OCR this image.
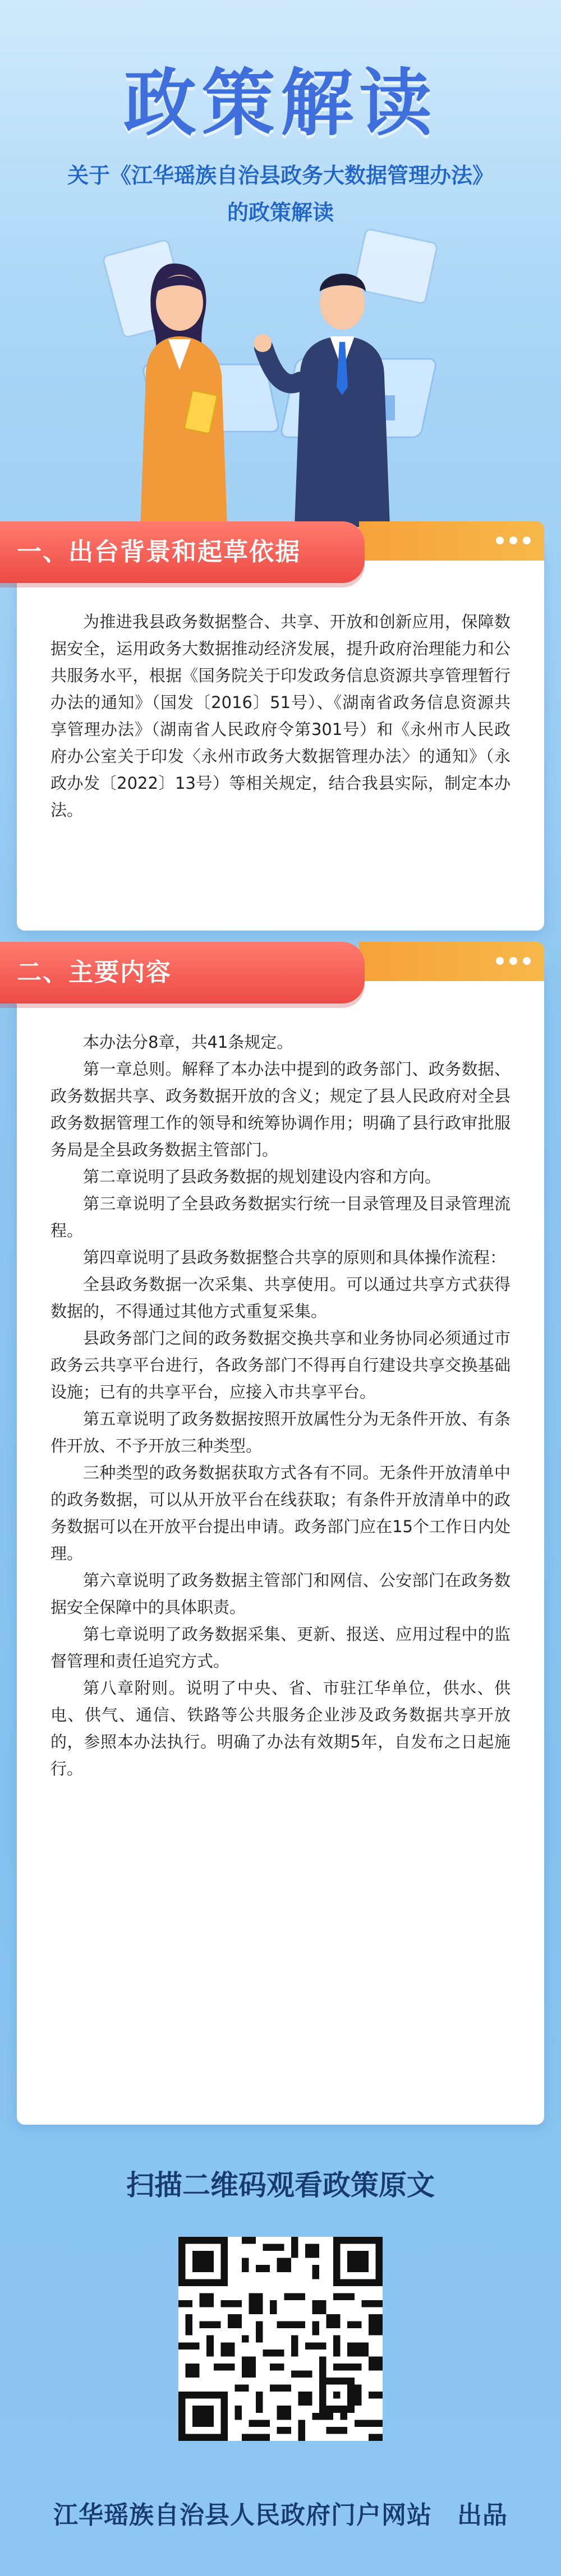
政策解读
关于《江华瑶族自治县政务大数据管理办法》
的政策解读
一、出台背景和起草依据

为推进我县政务数据整合、共享、开放和创新应用，保障数据安全，运用政务大数据推动经济发展，提升政府治理能力和公共服务水平，根据《国务院关于印发政务信息资源共享管理暂行办法的通知》（国发〔2016〕51号）、《湖南省政务信息资源共享管理办法》（湖南省人民政府令第301号）和《永州市人民政府办公室关于印发〈永州市政务大数据管理办法〉的通知》（永政办发〔2022〕13号）等相关规定，结合我县实际，制定本办法。

二、主要内容

本办法分8章，共41条规定。

第一章总则。解释了本办法中提到的政务部门、政务数据、政务数据共享、政务数据开放的含义；规定了县人民政府对全县政务数据管理工作的领导和统筹协调作用；明确了县行政审批服务局是全县政务数据主管部门。

第二章说明了县政务数据的规划建设内容和方向。

第三章说明了全县政务数据实行统一目录管理及目录管理流程。

第四章说明了县政务数据整合共享的原则和具体操作流程：

全县政务数据一次采集、共享使用。可以通过共享方式获得数据的，不得通过其他方式重复采集。

县政务部门之间的政务数据交换共享和业务协同必须通过市政务云共享平台进行，各政务部门不得再自行建设共享交换基础设施；已有的共享平台，应接入市共享平台。

第五章说明了政务数据按照开放属性分为无条件开放、有条件开放、不予开放三种类型。

三种类型的政务数据获取方式各有不同。无条件开放清单中的政务数据，可以从开放平台在线获取；有条件开放清单中的政务数据可以在开放平台提出申请。政务部门应在15个工作日内处理。

第六章说明了政务数据主管部门和网信、公安部门在政务数据安全保障中的具体职责。

第七章说明了政务数据采集、更新、报送、应用过程中的监督管理和责任追究方式。

第八章附则。说明了中央、省、市驻江华单位，供水、供电、供气、通信、铁路等公共服务企业涉及政务数据共享开放的，参照本办法执行。明确了办法有效期5年，自发布之日起施行。

扫描二维码观看政策原文
江华瑶族自治县人民政府门户网站　出品
